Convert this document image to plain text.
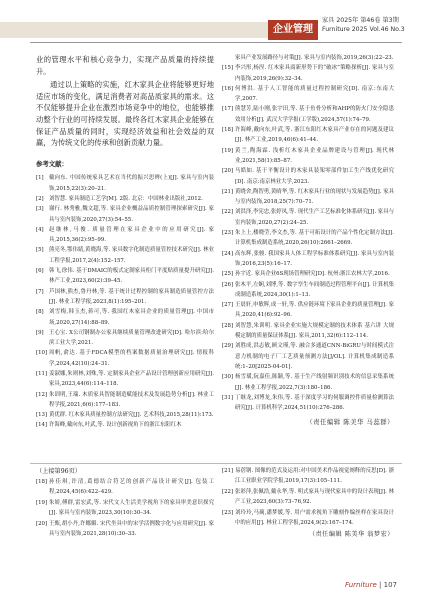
企业管理
家具 2025年 第46卷 第3期
Furniture 2025 Vol.46 No.3

业的管理水平和核心竞争力，实现产品质量的持续提升。

通过以上策略的实施，红木家具企业将能够更好地适应市场的变化，满足消费者对高品质家具的需求。这不仅能够提升企业在激烈市场竞争中的地位，也能够推动整个行业的可持续发展。最终各红木家具企业能够在保证产品质量的同时，实现经济效益和社会效益的双赢，为传统文化的传承和创新贡献力量。

参考文献：
[1] 戴向东. 中国传统家具艺术在当代的振兴思辨(上)[J]. 家具与室内装饰,2015,22(3):20–21.
[2] 刘智慧. 家具制造工艺学[M]. 2版. 北京：中国林业出版社,2012.
[3] 谢行. 林秀雅,魏文超,等. 家具企业概益品质控制管理探索研究[J]. 家具与室内装饰,2020,27(3):54–55.
[4] 赵继林,马俊. 质量管理在家具企业中的应用研究[J]. 家具,2015,36(2):95–99.
[5] 熊亮冬,鄂伟婧,黄晓海,等. 家具数字化制造质量管控技术研究[J]. 林业工程学报,2017,2(4):152–157.
[6] 韩飞,徐伟. 基于DMAIC的板式定制家具柜门平度贴质量提升研究[J]. 林产工业,2023,60(2):39–45.
[7] 芦国林,熊杰,鲁丹林,等. 基于统计过程控制的家具制造质量管控方法[J]. 林业工程学报,2023,8(1):195–201.
[8] 刘雪梅,韩玉杰,蒋可,等. 我国红木家具企业的质量管理[J]. 中国市场,2020,27(14):88–89.
[9] 王心宝. X公司钢制办公家具继续质量管理改进研究[D]. 哈尔滨:哈尔滨工业大学,2021.
[10] 周帆,俞达. 基于FDCA模型的档案数据质量治理研究[J]. 情报科学,2024,42(10):24–31.
[11] 姜淑娜,朱则林,刘殊,等. 定制家具企业产品设计管理创新应用研究[J]. 家具,2023,44(6):114–118.
[12] 朱训明,王瑞. 木质家具智能制造赋能技术及发展趋势分析[J]. 林业工程学报,2021,6(6):177–183.
[13] 黄优群. 红木家具质量控制方法研究[J]. 艺术科技,2015,28(11):173.
[14] 许海峰,戴向东,叶武,等. 设计创新视角下的浙江东阳红木
家具产业发展路径与对策[J]. 家具与室内装饰,2019,26(3):22–23.
[15] 李兴彤,杨涅. 红木家具商新形势下的“破冰”策略探析[J]. 家具与室内装饰,2019,26(9):32–34.
[16] 何博洪. 基于人工智能的质量过程控制研究[D]. 南京:东南大学,2007.
[17] 熊慧芳,陆小刚,张宇田,等. 基于鱼骨分析和AHP的防火门安全隐患效用分析[J]. 武汉大学学报(工学版),2024,57(1):74–79.
[18] 许海峰,戴向东,叶武,等. 浙江东阳红木家具产业存在的问题及建议[J]. 林产工业,2019,46(6):41–44.
[19] 黄兰,陶海霖. 浅析红木家具企业品牌建设与管理[J]. 现代林业,2021,58(1):85–87.
[20] 马皓如. 基于平衡设计的木家具装架零部件加工生产线优化研究[D]. 南京:南京林业大学,2023.
[21] 黄晓舍,陶智勇,黄晴华,等. 红木家具行业的现状与发展趋势[J]. 家具与室内装饰,2018,25(7):70–71.
[22] 刘洪泽,李宪忠,张婷凤,等. 现代生产工艺标准化体系研究[J]. 家具与室内装饰,2020,27(2):24–25.
[23] 朱上上,楼晓莹,李文杰,等. 基于可拓设计的产品个性化定制方法[J]. 计算机集成制造系统,2020,26(10):2661–2669.
[24] 高东辉,张骏. 我国家具人体工程学标准体系研究[J]. 家具与室内装饰,2016,23(5):16–17.
[25] 孙宇近. 家具企业6S现场管理研究[D]. 杭州:浙江农林大学,2016.
[26] 张木平,左娴,刘博,等. 数字孪生车间制造过程管理平台[J]. 计算机集成制造系统,2024,30(1):1–13.
[27] 王晨轩,申敏辉,成一轩,等. 供应链环境下家具企业的质量管理[J]. 家具,2020,41(6):92–96.
[28] 刘智慧,朱训明. 家具企业实施大规模定制的技术体系 基六讲 大规模定制的质量保证体系[J]. 家具,2011,32(6):112–114.
[29] 刘胜成,洪志敏,顾文瑾,等. 融合多通道CNN-BiGRU与时间模式注意力机制的电子厂工艺质量预测方法[J/OL]. 计算机集成制造系统:1–20[2025-04-01].
[30] 杨雪璜,阮嘉佳,陈颖,等. 基于生产线射频识别技术的信息采集系统[J]. 林业工程学报,2022,7(3):180–186.
[31] 丁继龙,刘博龙,朱伟,等. 基于深度学习的伺服调控件质量检测算法研究[J]. 计算机科学,2024,51(10):276–286.
（责任编辑 陈美华 马蕊群）
（上接第96页）
[18] 孙佳琪,许清,葛德结合符艺的创新产品设计研究[J]. 包装工程,2024,45(6):422–429.
[19] 朱娇,傅群,雷宏武,等. 宋代文人生活美学视角下的家具审美意识探究[J]. 家具与室内装饰,2023,30(10):30–34.
[20] 王甄,胡小丹,许娜媚. 宋代坐具中的宋学活例数字化与应用研究[J]. 家具与室内装饰,2021,28(10):30–33.
[21] 易蓓钢. 图像的范式及运用:对中国美术作品视觉阐释的反思[D]. 浙江工业职业学院学报,2019,17(3):105–111.
[22] 张彩萍,张佩浩,戴永华,等. 明式家具与现代家具中的设计表现[J]. 林产工业,2023,60(3):73–76,92.
[23] 刘玲玲,马蔺,潘梦媛,等. 用户需求视角下雕刻作编丝样在家具设计中的应用[J]. 林业工程学报,2024,9(2):167–174.
（责任编辑 陈美华 翁梦宏）
Furniture | 107
